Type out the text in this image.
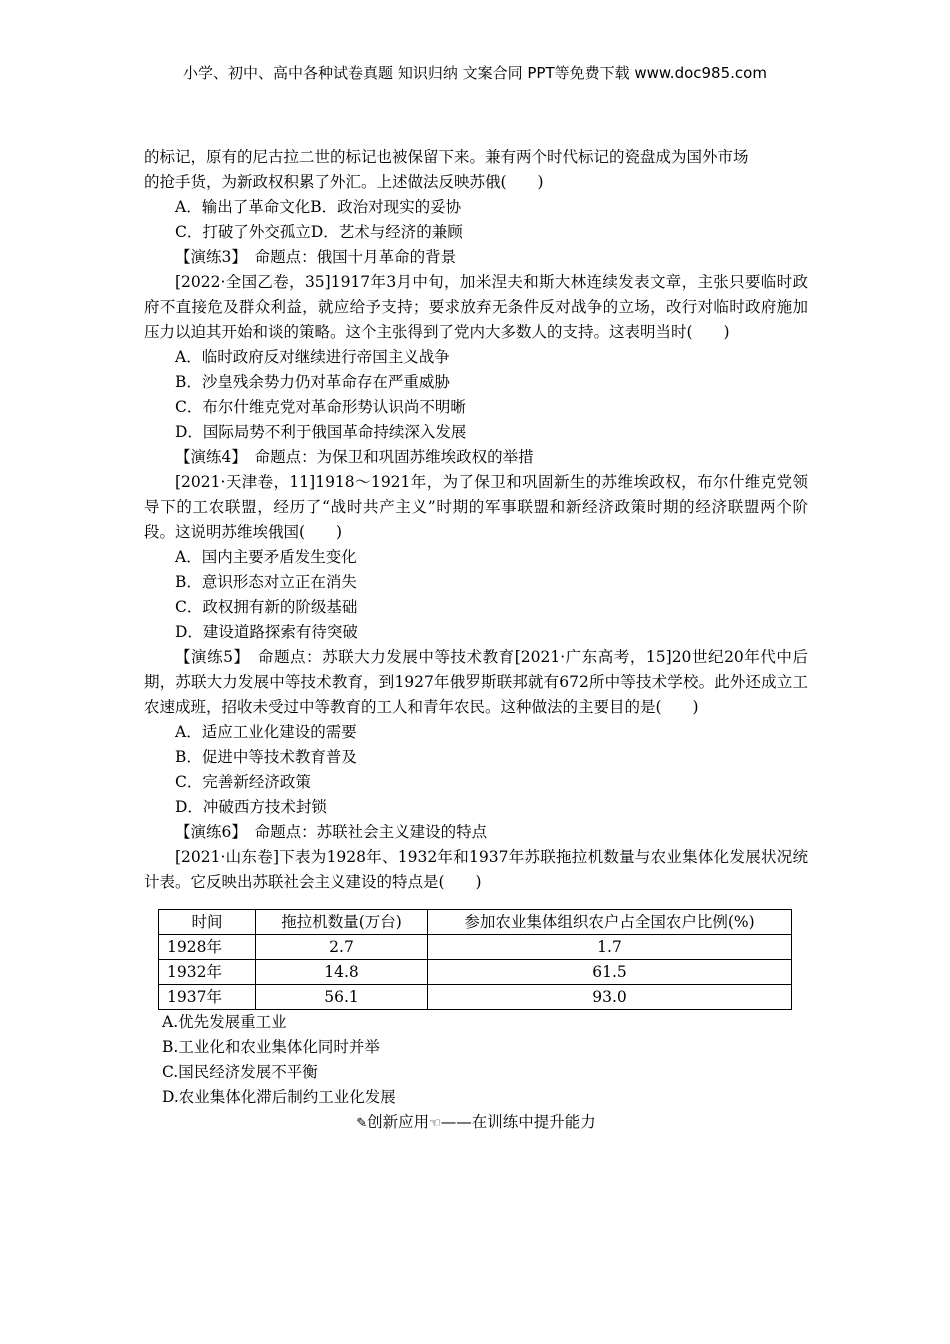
小学、初中、高中各种试卷真题 知识归纳 文案合同 PPT等免费下载 www.doc985.com

的标记，原有的尼古拉二世的标记也被保留下来。兼有两个时代标记的瓷盘成为国外市场

的抢手货，为新政权积累了外汇。上述做法反映苏俄(　　)

A．输出了革命文化B．政治对现实的妥协

C．打破了外交孤立D．艺术与经济的兼顾

【演练3】　命题点：俄国十月革命的背景

[2022·全国乙卷，35]1917年3月中旬，加米涅夫和斯大林连续发表文章，主张只要临时政府不直接危及群众利益，就应给予支持；要求放弃无条件反对战争的立场，改行对临时政府施加压力以迫其开始和谈的策略。这个主张得到了党内大多数人的支持。这表明当时(　　)

A．临时政府反对继续进行帝国主义战争

B．沙皇残余势力仍对革命存在严重威胁

C．布尔什维克党对革命形势认识尚不明晰

D．国际局势不利于俄国革命持续深入发展

【演练4】　命题点：为保卫和巩固苏维埃政权的举措

[2021·天津卷，11]1918～1921年，为了保卫和巩固新生的苏维埃政权，布尔什维克党领导下的工农联盟，经历了“战时共产主义”时期的军事联盟和新经济政策时期的经济联盟两个阶段。这说明苏维埃俄国(　　)

A．国内主要矛盾发生变化

B．意识形态对立正在消失

C．政权拥有新的阶级基础

D．建设道路探索有待突破

【演练5】　命题点：苏联大力发展中等技术教育[2021·广东高考，15]20世纪20年代中后期，苏联大力发展中等技术教育，到1927年俄罗斯联邦就有672所中等技术学校。此外还成立工农速成班，招收未受过中等教育的工人和青年农民。这种做法的主要目的是(　　)

A．适应工业化建设的需要

B．促进中等技术教育普及

C．完善新经济政策

D．冲破西方技术封锁

【演练6】　命题点：苏联社会主义建设的特点

[2021·山东卷]下表为1928年、1932年和1937年苏联拖拉机数量与农业集体化发展状况统计表。它反映出苏联社会主义建设的特点是(　　)

时间	拖拉机数量(万台)	参加农业集体组织农户占全国农户比例(%)
1928年	2.7	1.7
1932年	14.8	61.5
1937年	56.1	93.0

A.优先发展重工业

B.工业化和农业集体化同时并举

C.国民经济发展不平衡

D.农业集体化滞后制约工业化发展

✎创新应用☜——在训练中提升能力
